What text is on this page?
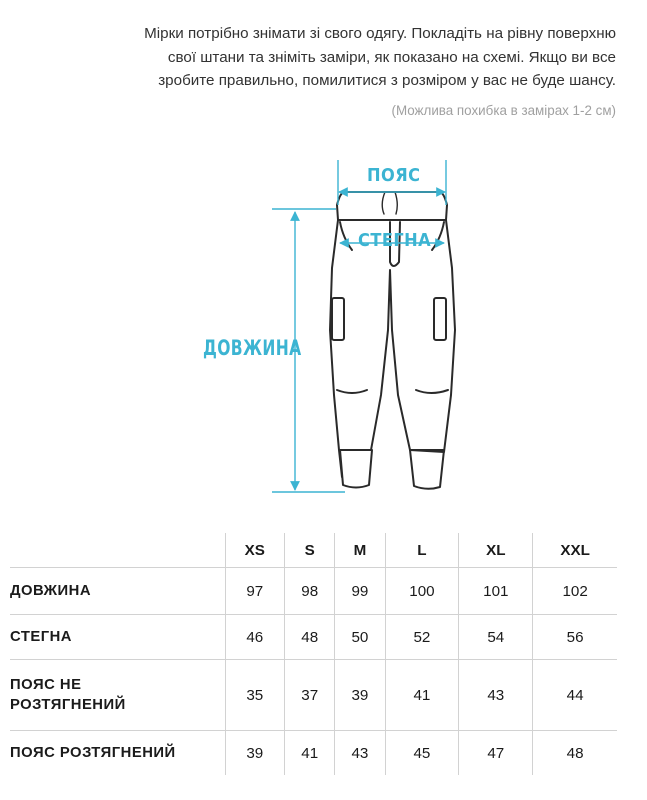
Мірки потрібно знімати зі свого одягу. Покладіть на рівну поверхню
свої штани та зніміть заміри, як показано на схемі. Якщо ви все
зробите правильно, помилитися з розміром у вас не буде шансу.
(Можлива похибка в замірах 1-2 см)
ПОЯС
СТЕГНА
ДОВЖИНА
	XS	S	M	L	XL	XXL
ДОВЖИНА	97	98	99	100	101	102
СТЕГНА	46	48	50	52	54	56
ПОЯС НЕ РОЗТЯГНЕНИЙ	35	37	39	41	43	44
ПОЯС РОЗТЯГНЕНИЙ	39	41	43	45	47	48
